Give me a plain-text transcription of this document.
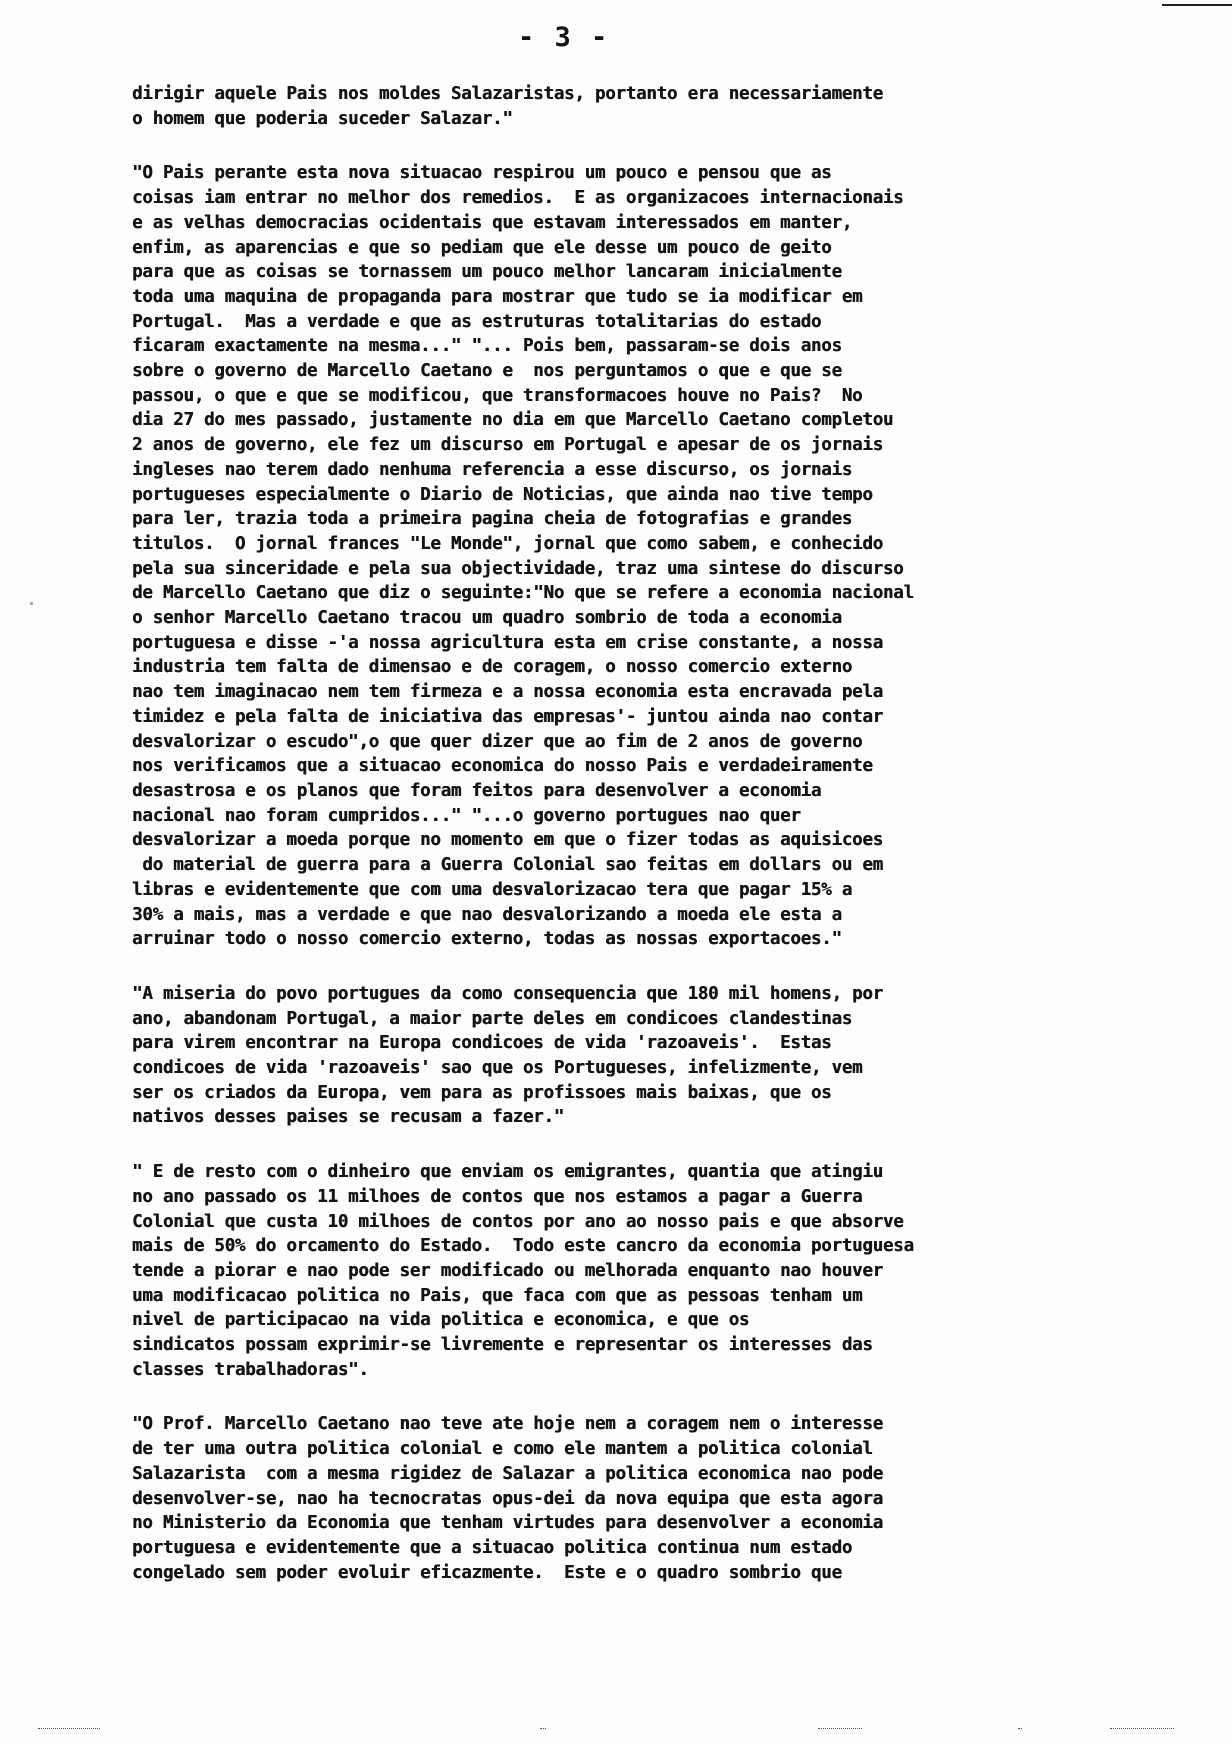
- 3 -
dirigir aquele Pais nos moldes Salazaristas, portanto era necessariamente
o homem que poderia suceder Salazar."
"O Pais perante esta nova situacao respirou um pouco e pensou que as
coisas iam entrar no melhor dos remedios.  E as organizacoes internacionais
e as velhas democracias ocidentais que estavam interessados em manter,
enfim, as aparencias e que so pediam que ele desse um pouco de geito
para que as coisas se tornassem um pouco melhor lancaram inicialmente
toda uma maquina de propaganda para mostrar que tudo se ia modificar em
Portugal.  Mas a verdade e que as estruturas totalitarias do estado
ficaram exactamente na mesma..." "... Pois bem, passaram-se dois anos
sobre o governo de Marcello Caetano e  nos perguntamos o que e que se
passou, o que e que se modificou, que transformacoes houve no Pais?  No
dia 27 do mes passado, justamente no dia em que Marcello Caetano completou
2 anos de governo, ele fez um discurso em Portugal e apesar de os jornais
ingleses nao terem dado nenhuma referencia a esse discurso, os jornais
portugueses especialmente o Diario de Noticias, que ainda nao tive tempo
para ler, trazia toda a primeira pagina cheia de fotografias e grandes
titulos.  O jornal frances "Le Monde", jornal que como sabem, e conhecido
pela sua sinceridade e pela sua objectividade, traz uma sintese do discurso
de Marcello Caetano que diz o seguinte:"No que se refere a economia nacional
o senhor Marcello Caetano tracou um quadro sombrio de toda a economia
portuguesa e disse -'a nossa agricultura esta em crise constante, a nossa
industria tem falta de dimensao e de coragem, o nosso comercio externo
nao tem imaginacao nem tem firmeza e a nossa economia esta encravada pela
timidez e pela falta de iniciativa das empresas'- juntou ainda nao contar
desvalorizar o escudo",o que quer dizer que ao fim de 2 anos de governo
nos verificamos que a situacao economica do nosso Pais e verdadeiramente
desastrosa e os planos que foram feitos para desenvolver a economia
nacional nao foram cumpridos..." "...o governo portugues nao quer
desvalorizar a moeda porque no momento em que o fizer todas as aquisicoes
do material de guerra para a Guerra Colonial sao feitas em dollars ou em
libras e evidentemente que com uma desvalorizacao tera que pagar 15% a
30% a mais, mas a verdade e que nao desvalorizando a moeda ele esta a
arruinar todo o nosso comercio externo, todas as nossas exportacoes."
"A miseria do povo portugues da como consequencia que 180 mil homens, por
ano, abandonam Portugal, a maior parte deles em condicoes clandestinas
para virem encontrar na Europa condicoes de vida 'razoaveis'.  Estas
condicoes de vida 'razoaveis' sao que os Portugueses, infelizmente, vem
ser os criados da Europa, vem para as profissoes mais baixas, que os
nativos desses paises se recusam a fazer."
" E de resto com o dinheiro que enviam os emigrantes, quantia que atingiu
no ano passado os 11 milhoes de contos que nos estamos a pagar a Guerra
Colonial que custa 10 milhoes de contos por ano ao nosso pais e que absorve
mais de 50% do orcamento do Estado.  Todo este cancro da economia portuguesa
tende a piorar e nao pode ser modificado ou melhorada enquanto nao houver
uma modificacao politica no Pais, que faca com que as pessoas tenham um
nivel de participacao na vida politica e economica, e que os
sindicatos possam exprimir-se livremente e representar os interesses das
classes trabalhadoras".
"O Prof. Marcello Caetano nao teve ate hoje nem a coragem nem o interesse
de ter uma outra politica colonial e como ele mantem a politica colonial
Salazarista  com a mesma rigidez de Salazar a politica economica nao pode
desenvolver-se, nao ha tecnocratas opus-dei da nova equipa que esta agora
no Ministerio da Economia que tenham virtudes para desenvolver a economia
portuguesa e evidentemente que a situacao politica continua num estado
congelado sem poder evoluir eficazmente.  Este e o quadro sombrio que
